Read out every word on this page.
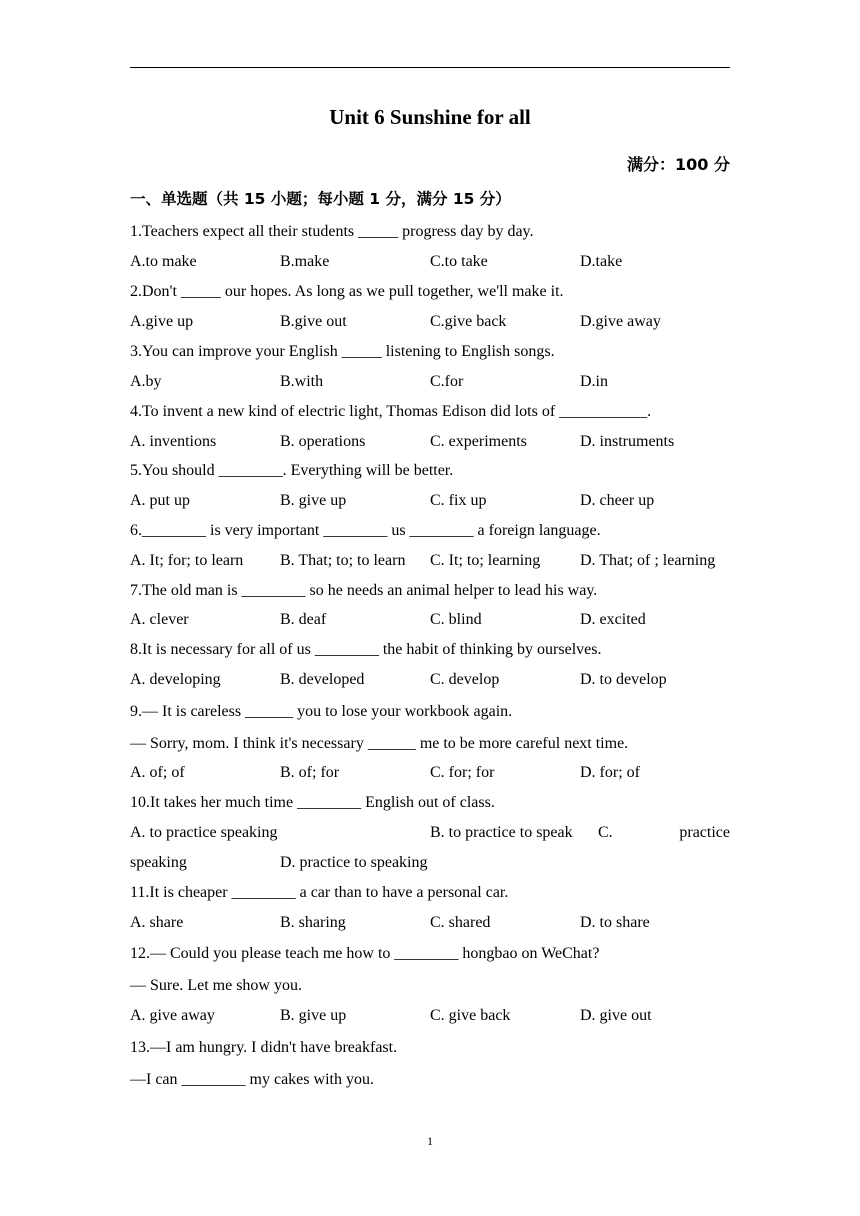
Unit 6 Sunshine for all
满分：100 分
一、单选题（共 15 小题；每小题 1 分，满分 15 分）
1.Teachers expect all their students _____ progress day by day.
A.to make	B.make	C.to take	D.take
2.Don't _____ our hopes. As long as we pull together, we'll make it.
A.give up	B.give out	C.give back	D.give away
3.You can improve your English _____ listening to English songs.
A.by	B.with	C.for	D.in
4.To invent a new kind of electric light, Thomas Edison did lots of ___________.
A. inventions	B. operations	C. experiments	D. instruments
5.You should ________. Everything will be better.
A. put up	B. give up	C. fix up	D. cheer up
6.________ is very important ________ us ________ a foreign language.
A. It; for; to learn B. That; to; to learn C. It; to; learning D. That; of ; learning
7.The old man is ________ so he needs an animal helper to lead his way.
A. clever	B. deaf	C. blind	D. excited
8.It is necessary for all of us ________ the habit of thinking by ourselves.
A. developing	B. developed	C. develop	D. to develop
9.— It is careless ______ you to lose your workbook again.
— Sorry, mom. I think it's necessary ______ me to be more careful next time.
A. of; of	B. of; for	C. for; for	D. for; of
10.It takes her much time ________ English out of class.
A. to practice speaking	B. to practice to speak C.	practice
speaking	D. practice to speaking
11.It is cheaper ________ a car than to have a personal car.
A. share	B. sharing	C. shared	D. to share
12.— Could you please teach me how to ________ hongbao on WeChat?
— Sure. Let me show you.
A. give away	B. give up	C. give back	D. give out
13.—I am hungry. I didn't have breakfast.
—I can ________ my cakes with you.
1
